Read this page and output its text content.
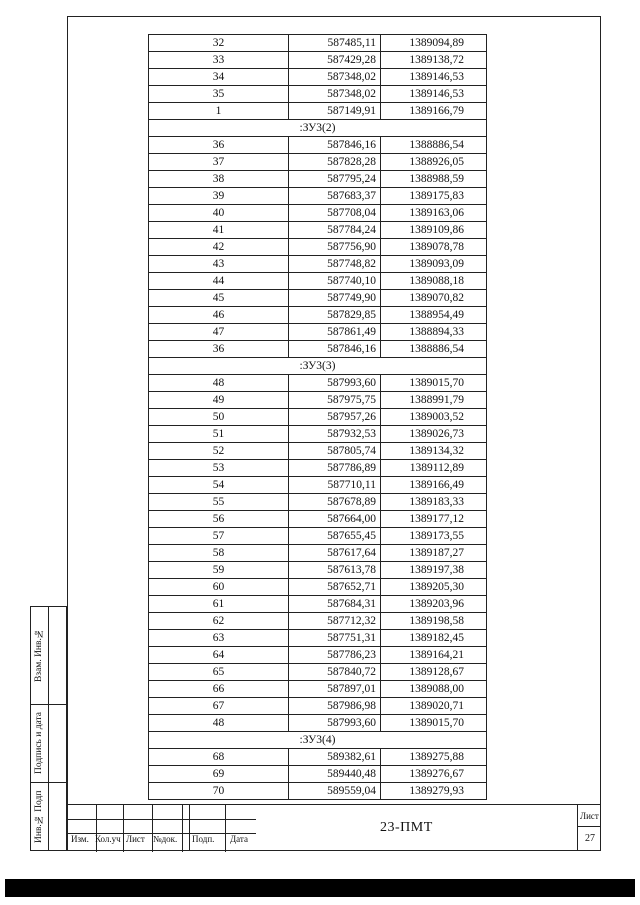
32	587485,11	1389094,89
33	587429,28	1389138,72
34	587348,02	1389146,53
35	587348,02	1389146,53
1	587149,91	1389166,79
:ЗУ3(2)		
36	587846,16	1388886,54
37	587828,28	1388926,05
38	587795,24	1388988,59
39	587683,37	1389175,83
40	587708,04	1389163,06
41	587784,24	1389109,86
42	587756,90	1389078,78
43	587748,82	1389093,09
44	587740,10	1389088,18
45	587749,90	1389070,82
46	587829,85	1388954,49
47	587861,49	1388894,33
36	587846,16	1388886,54
:ЗУ3(3)		
48	587993,60	1389015,70
49	587975,75	1388991,79
50	587957,26	1389003,52
51	587932,53	1389026,73
52	587805,74	1389134,32
53	587786,89	1389112,89
54	587710,11	1389166,49
55	587678,89	1389183,33
56	587664,00	1389177,12
57	587655,45	1389173,55
58	587617,64	1389187,27
59	587613,78	1389197,38
60	587652,71	1389205,30
61	587684,31	1389203,96
62	587712,32	1389198,58
63	587751,31	1389182,45
64	587786,23	1389164,21
65	587840,72	1389128,67
66	587897,01	1389088,00
67	587986,98	1389020,71
48	587993,60	1389015,70
:ЗУ3(4)		
68	589382,61	1389275,88
69	589440,48	1389276,67
70	589559,04	1389279,93
Взам. Инв.№
Подпись и дата
Инв.№ Подп	Изм. Кол.уч Лист №док. Подп. Дата
23-ПМТ
Лист
27
